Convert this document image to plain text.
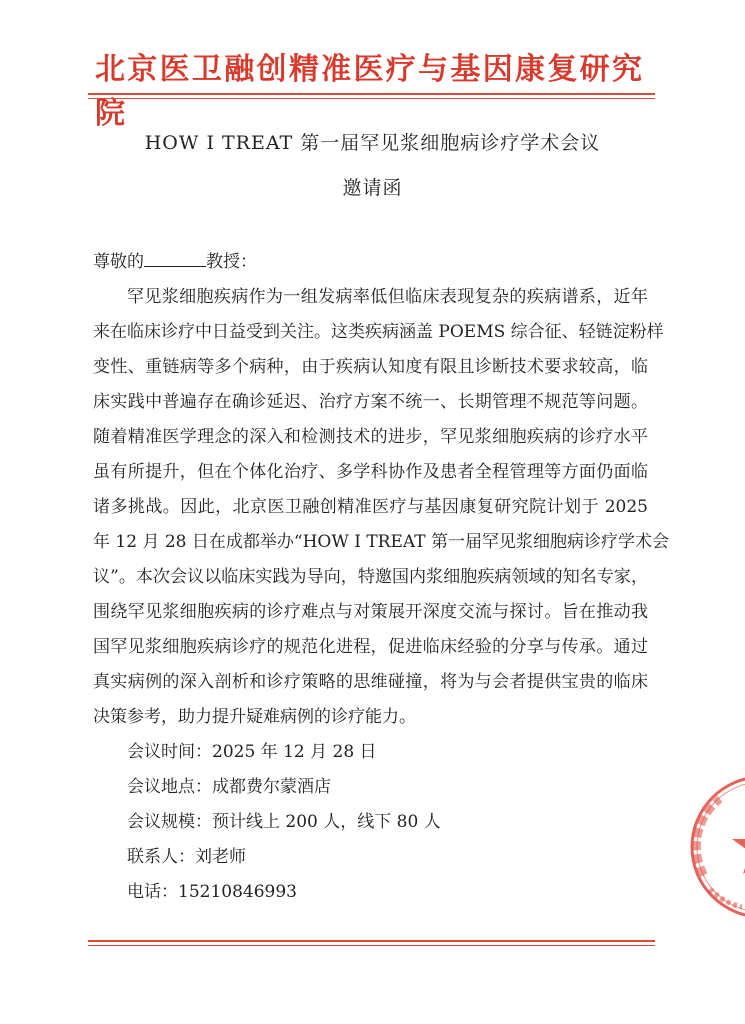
北京医卫融创精准医疗与基因康复研究院
HOW I TREAT 第一届罕见浆细胞病诊疗学术会议
邀请函
尊敬的	教授：
罕见浆细胞疾病作为一组发病率低但临床表现复杂的疾病谱系，近年
来在临床诊疗中日益受到关注。这类疾病涵盖 POEMS 综合征、轻链淀粉样
变性、重链病等多个病种，由于疾病认知度有限且诊断技术要求较高，临
床实践中普遍存在确诊延迟、治疗方案不统一、长期管理不规范等问题。
随着精准医学理念的深入和检测技术的进步，罕见浆细胞疾病的诊疗水平
虽有所提升，但在个体化治疗、多学科协作及患者全程管理等方面仍面临
诸多挑战。因此，北京医卫融创精准医疗与基因康复研究院计划于 2025
年 12 月 28 日在成都举办“HOW I TREAT 第一届罕见浆细胞病诊疗学术会
议”。本次会议以临床实践为导向，特邀国内浆细胞疾病领域的知名专家，
围绕罕见浆细胞疾病的诊疗难点与对策展开深度交流与探讨。旨在推动我
国罕见浆细胞疾病诊疗的规范化进程，促进临床经验的分享与传承。通过
真实病例的深入剖析和诊疗策略的思维碰撞，将为与会者提供宝贵的临床
决策参考，助力提升疑难病例的诊疗能力。
会议时间：2025 年 12 月 28 日
会议地点：成都费尔蒙酒店
会议规模：预计线上 200 人，线下 80 人
联系人：刘老师
电话：15210846993
